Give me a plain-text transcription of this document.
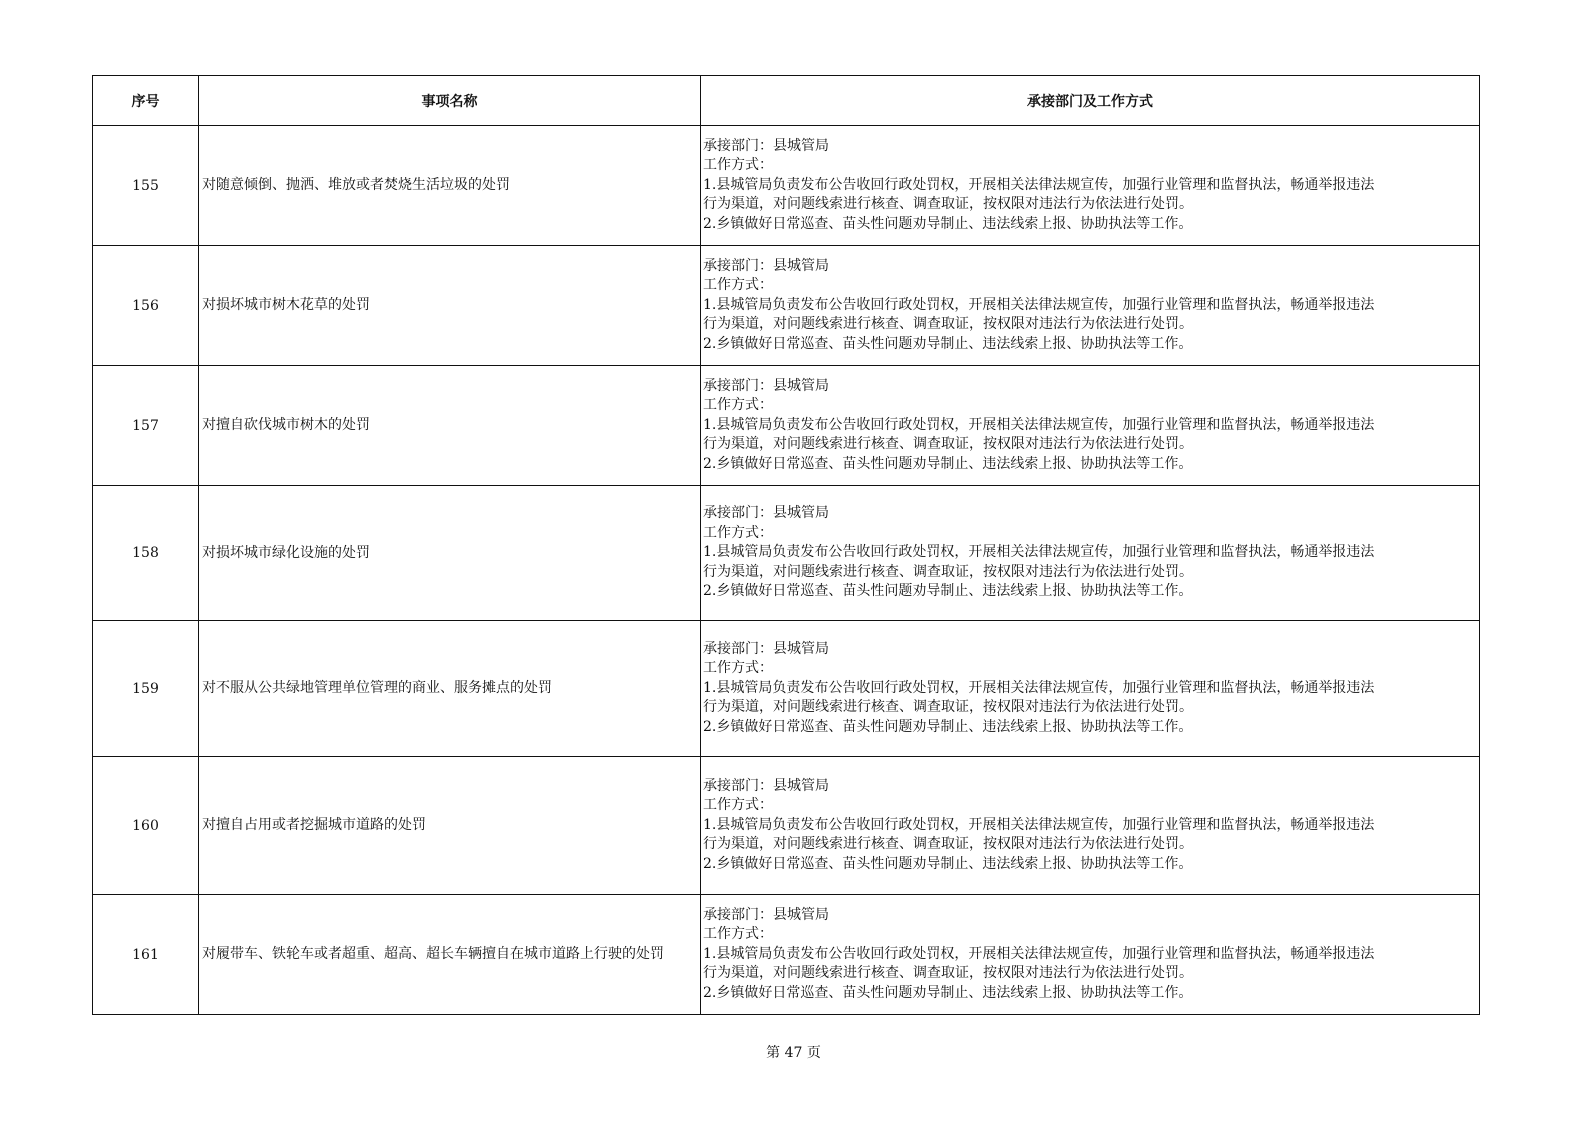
序号	事项名称	承接部门及工作方式
155	对随意倾倒、抛洒、堆放或者焚烧生活垃圾的处罚	承接部门：县城管局
工作方式：
1.县城管局负责发布公告收回行政处罚权，开展相关法律法规宣传，加强行业管理和监督执法，畅通举报违法
行为渠道，对问题线索进行核查、调查取证，按权限对违法行为依法进行处罚。
2.乡镇做好日常巡查、苗头性问题劝导制止、违法线索上报、协助执法等工作。

156	对损坏城市树木花草的处罚	承接部门：县城管局
工作方式：
1.县城管局负责发布公告收回行政处罚权，开展相关法律法规宣传，加强行业管理和监督执法，畅通举报违法
行为渠道，对问题线索进行核查、调查取证，按权限对违法行为依法进行处罚。
2.乡镇做好日常巡查、苗头性问题劝导制止、违法线索上报、协助执法等工作。

157	对擅自砍伐城市树木的处罚	承接部门：县城管局
工作方式：
1.县城管局负责发布公告收回行政处罚权，开展相关法律法规宣传，加强行业管理和监督执法，畅通举报违法
行为渠道，对问题线索进行核查、调查取证，按权限对违法行为依法进行处罚。
2.乡镇做好日常巡查、苗头性问题劝导制止、违法线索上报、协助执法等工作。

158	对损坏城市绿化设施的处罚	承接部门：县城管局
工作方式：
1.县城管局负责发布公告收回行政处罚权，开展相关法律法规宣传，加强行业管理和监督执法，畅通举报违法
行为渠道，对问题线索进行核查、调查取证，按权限对违法行为依法进行处罚。
2.乡镇做好日常巡查、苗头性问题劝导制止、违法线索上报、协助执法等工作。

159	对不服从公共绿地管理单位管理的商业、服务摊点的处罚	承接部门：县城管局
工作方式：
1.县城管局负责发布公告收回行政处罚权，开展相关法律法规宣传，加强行业管理和监督执法，畅通举报违法
行为渠道，对问题线索进行核查、调查取证，按权限对违法行为依法进行处罚。
2.乡镇做好日常巡查、苗头性问题劝导制止、违法线索上报、协助执法等工作。

160	对擅自占用或者挖掘城市道路的处罚	承接部门：县城管局
工作方式：
1.县城管局负责发布公告收回行政处罚权，开展相关法律法规宣传，加强行业管理和监督执法，畅通举报违法
行为渠道，对问题线索进行核查、调查取证，按权限对违法行为依法进行处罚。
2.乡镇做好日常巡查、苗头性问题劝导制止、违法线索上报、协助执法等工作。

161	对履带车、铁轮车或者超重、超高、超长车辆擅自在城市道路上行驶的处罚	承接部门：县城管局
工作方式：
1.县城管局负责发布公告收回行政处罚权，开展相关法律法规宣传，加强行业管理和监督执法，畅通举报违法
行为渠道，对问题线索进行核查、调查取证，按权限对违法行为依法进行处罚。
2.乡镇做好日常巡查、苗头性问题劝导制止、违法线索上报、协助执法等工作。
第 47 页
